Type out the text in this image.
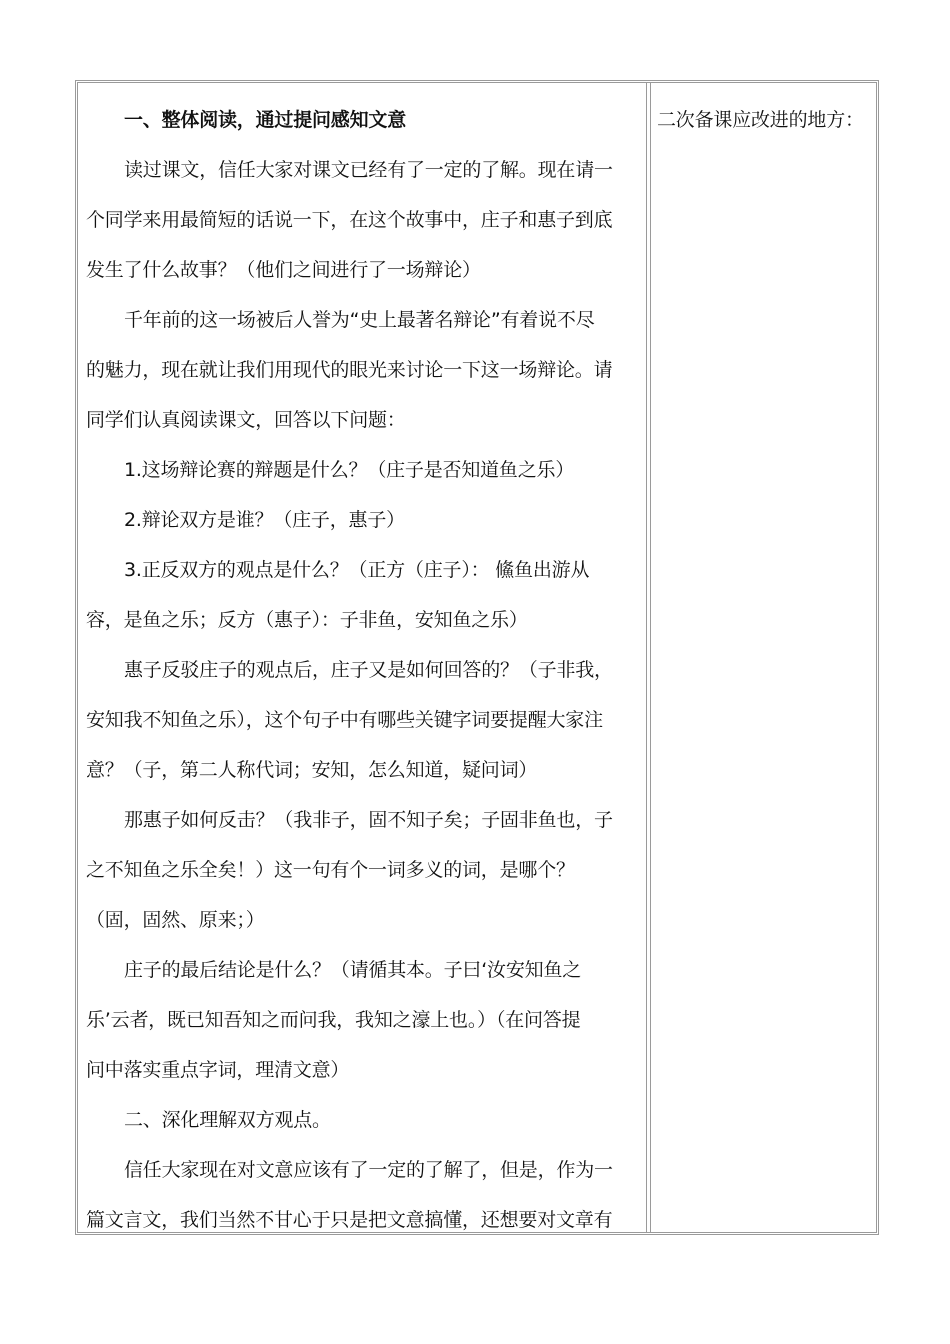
一、整体阅读，通过提问感知文意

读过课文，信任大家对课文已经有了一定的了解。现在请一

个同学来用最简短的话说一下，在这个故事中，庄子和惠子到底

发生了什么故事？（他们之间进行了一场辩论）

千年前的这一场被后人誉为“史上最著名辩论”有着说不尽

的魅力，现在就让我们用现代的眼光来讨论一下这一场辩论。请

同学们认真阅读课文，回答以下问题：

1.这场辩论赛的辩题是什么？（庄子是否知道鱼之乐）

2.辩论双方是谁？（庄子，惠子）

3.正反双方的观点是什么？（正方（庄子）： 鯈鱼出游从

容，是鱼之乐；反方（惠子）：子非鱼，安知鱼之乐）

惠子反驳庄子的观点后，庄子又是如何回答的？（子非我，

安知我不知鱼之乐），这个句子中有哪些关键字词要提醒大家注

意？（子，第二人称代词；安知，怎么知道，疑问词）

那惠子如何反击？（我非子，固不知子矣；子固非鱼也，子

之不知鱼之乐全矣！）这一句有个一词多义的词，是哪个？

（固，固然、原来；）

庄子的最后结论是什么？（请循其本。子曰‘汝安知鱼之

乐’云者，既已知吾知之而问我，我知之濠上也。）（在问答提

问中落实重点字词，理清文意）

二、深化理解双方观点。

信任大家现在对文意应该有了一定的了解了，但是，作为一

篇文言文，我们当然不甘心于只是把文意搞懂，还想要对文章有

二次备课应改进的地方：
